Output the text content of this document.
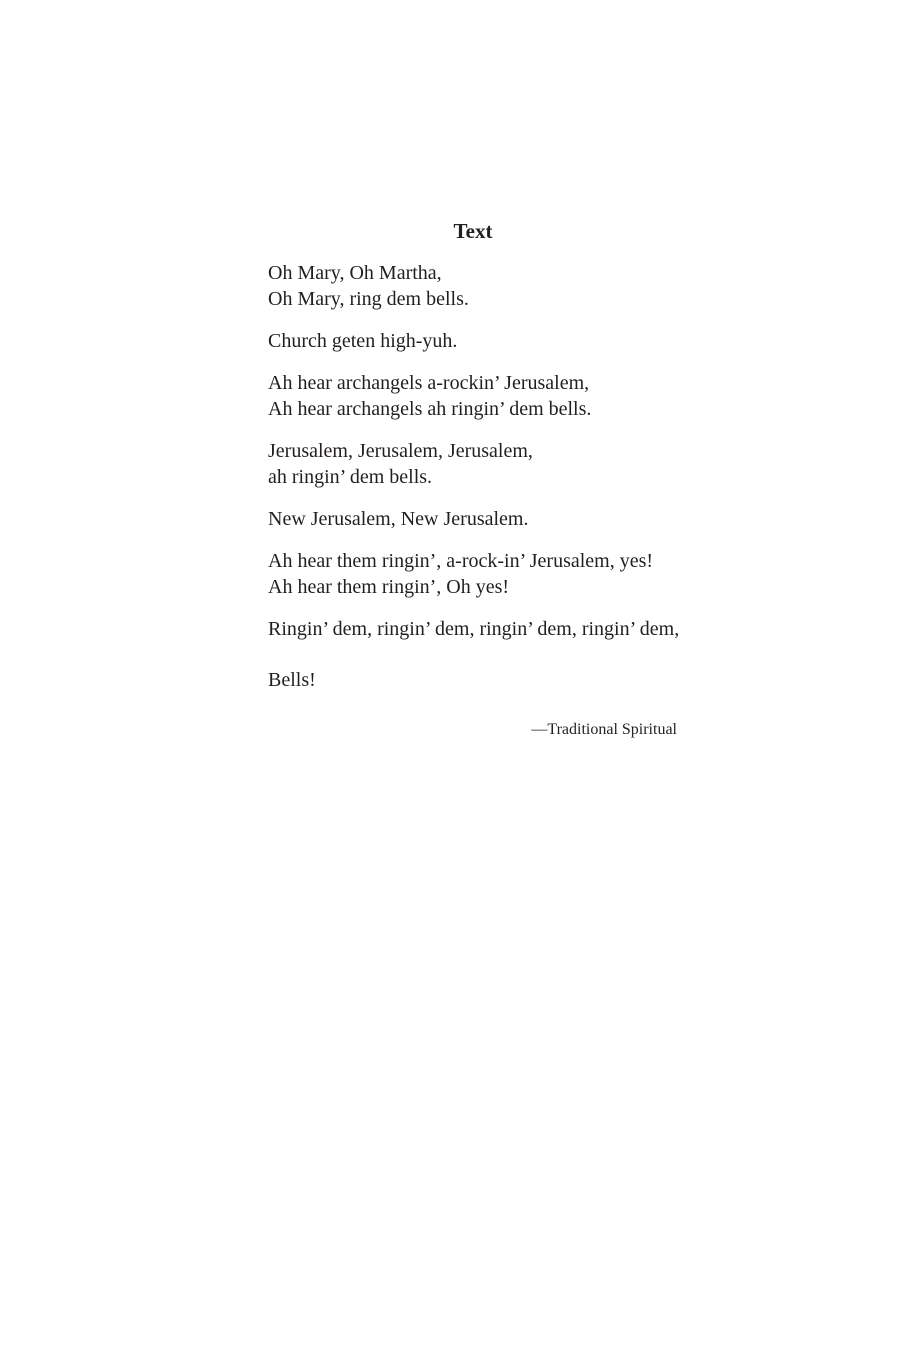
Text

Oh Mary, Oh Martha,
Oh Mary, ring dem bells.

Church geten high-yuh.

Ah hear archangels a-rockin’ Jerusalem,
Ah hear archangels ah ringin’ dem bells.

Jerusalem, Jerusalem, Jerusalem,
ah ringin’ dem bells.

New Jerusalem, New Jerusalem.

Ah hear them ringin’, a-rock-in’ Jerusalem, yes!
Ah hear them ringin’, Oh yes!

Ringin’ dem, ringin’ dem, ringin’ dem, ringin’ dem,

Bells!

—Traditional Spiritual
